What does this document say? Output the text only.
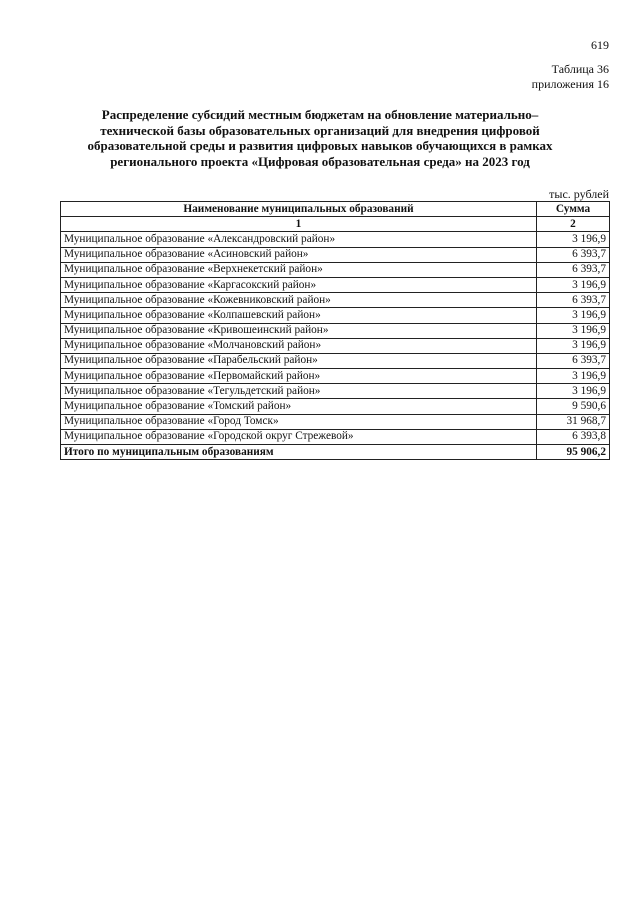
619
Таблица 36
приложения 16
Распределение субсидий местным бюджетам на обновление материально–
технической базы образовательных организаций для внедрения цифровой
образовательной среды и развития цифровых навыков обучающихся в рамках
регионального проекта «Цифровая образовательная среда» на 2023 год
тыс. рублей
Наименование муниципальных образований	Сумма
1	2
Муниципальное образование «Александровский район»	3 196,9
Муниципальное образование «Асиновский район»	6 393,7
Муниципальное образование «Верхнекетский район»	6 393,7
Муниципальное образование «Каргасокский район»	3 196,9
Муниципальное образование «Кожевниковский район»	6 393,7
Муниципальное образование «Колпашевский район»	3 196,9
Муниципальное образование «Кривошеинский район»	3 196,9
Муниципальное образование «Молчановский район»	3 196,9
Муниципальное образование «Парабельский район»	6 393,7
Муниципальное образование «Первомайский район»	3 196,9
Муниципальное образование «Тегульдетский район»	3 196,9
Муниципальное образование «Томский район»	9 590,6
Муниципальное образование «Город Томск»	31 968,7
Муниципальное образование «Городской округ Стрежевой»	6 393,8
Итого по муниципальным образованиям	95 906,2
